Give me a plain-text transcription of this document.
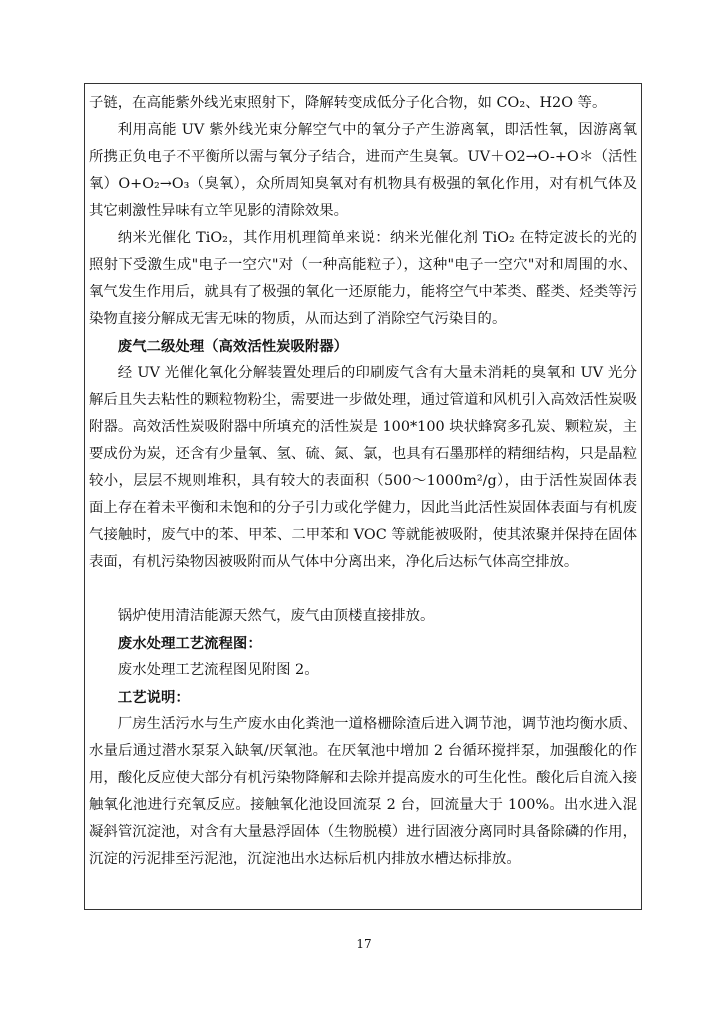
子链，在高能紫外线光束照射下，降解转变成低分子化合物，如 CO₂、H2O 等。

利用高能 UV 紫外线光束分解空气中的氧分子产生游离氧，即活性氧，因游离氧所携正负电子不平衡所以需与氧分子结合，进而产生臭氧。UV＋O2→O-+O＊（活性氧）O+O₂→O₃（臭氧），众所周知臭氧对有机物具有极强的氧化作用，对有机气体及其它刺激性异味有立竿见影的清除效果。

纳米光催化 TiO₂，其作用机理简单来说：纳米光催化剂 TiO₂ 在特定波长的光的照射下受激生成"电子一空穴"对（一种高能粒子），这种"电子一空穴"对和周围的水、氧气发生作用后，就具有了极强的氧化一还原能力，能将空气中苯类、醛类、烃类等污染物直接分解成无害无味的物质，从而达到了消除空气污染目的。

废气二级处理（高效活性炭吸附器）

经 UV 光催化氧化分解装置处理后的印刷废气含有大量未消耗的臭氧和 UV 光分解后且失去粘性的颗粒物粉尘，需要进一步做处理，通过管道和风机引入高效活性炭吸附器。高效活性炭吸附器中所填充的活性炭是 100*100 块状蜂窝多孔炭、颗粒炭，主要成份为炭，还含有少量氧、氢、硫、氮、氯，也具有石墨那样的精细结构，只是晶粒较小，层层不规则堆积，具有较大的表面积（500～1000m²/g），由于活性炭固体表面上存在着未平衡和未饱和的分子引力或化学健力，因此当此活性炭固体表面与有机废气接触时，废气中的苯、甲苯、二甲苯和 VOC 等就能被吸附，使其浓聚并保持在固体表面，有机污染物因被吸附而从气体中分离出来，净化后达标气体高空排放。

锅炉使用清洁能源天然气，废气由顶楼直接排放。

废水处理工艺流程图：

废水处理工艺流程图见附图 2。

工艺说明：

厂房生活污水与生产废水由化粪池一道格栅除渣后进入调节池，调节池均衡水质、水量后通过潜水泵泵入缺氧/厌氧池。在厌氧池中增加 2 台循环搅拌泵，加强酸化的作用，酸化反应使大部分有机污染物降解和去除并提高废水的可生化性。酸化后自流入接触氧化池进行充氧反应。接触氧化池设回流泵 2 台，回流量大于 100%。出水进入混凝斜管沉淀池，对含有大量悬浮固体（生物脱模）进行固液分离同时具备除磷的作用，沉淀的污泥排至污泥池，沉淀池出水达标后机内排放水槽达标排放。

17
